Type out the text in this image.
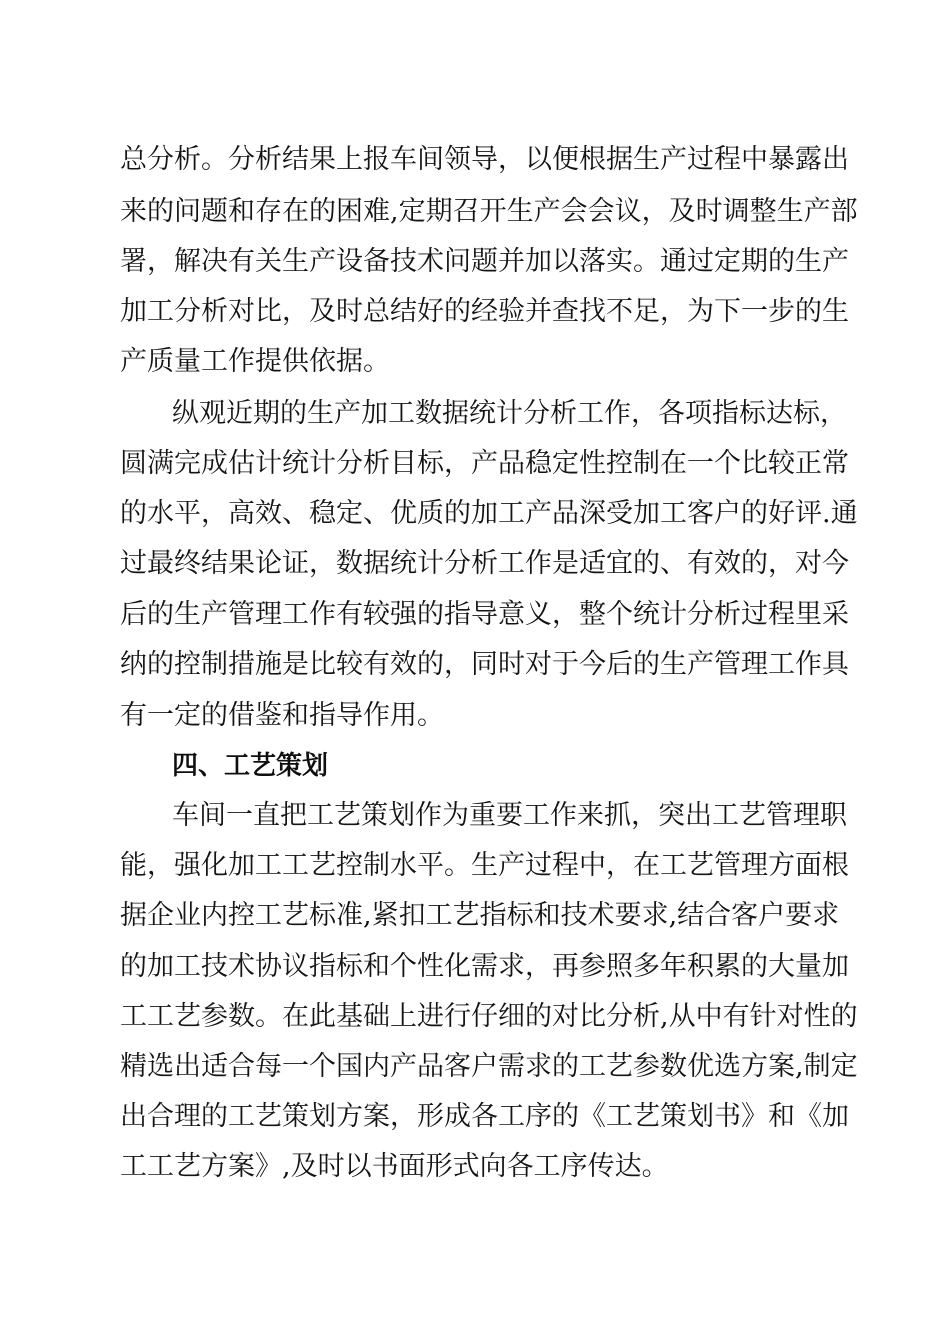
总分析。分析结果上报车间领导，以便根据生产过程中暴露出
来的问题和存在的困难,定期召开生产会会议，及时调整生产部
署，解决有关生产设备技术问题并加以落实。通过定期的生产
加工分析对比，及时总结好的经验并查找不足，为下一步的生
产质量工作提供依据。
纵观近期的生产加工数据统计分析工作，各项指标达标，
圆满完成估计统计分析目标，产品稳定性控制在一个比较正常
的水平，高效、稳定、优质的加工产品深受加工客户的好评.通
过最终结果论证，数据统计分析工作是适宜的、有效的，对今
后的生产管理工作有较强的指导意义，整个统计分析过程里采
纳的控制措施是比较有效的，同时对于今后的生产管理工作具
有一定的借鉴和指导作用。
四、工艺策划
车间一直把工艺策划作为重要工作来抓，突出工艺管理职
能，强化加工工艺控制水平。生产过程中，在工艺管理方面根
据企业内控工艺标准,紧扣工艺指标和技术要求,结合客户要求
的加工技术协议指标和个性化需求，再参照多年积累的大量加
工工艺参数。在此基础上进行仔细的对比分析,从中有针对性的
精选出适合每一个国内产品客户需求的工艺参数优选方案,制定
出合理的工艺策划方案，形成各工序的《工艺策划书》和《加
工工艺方案》,及时以书面形式向各工序传达。
